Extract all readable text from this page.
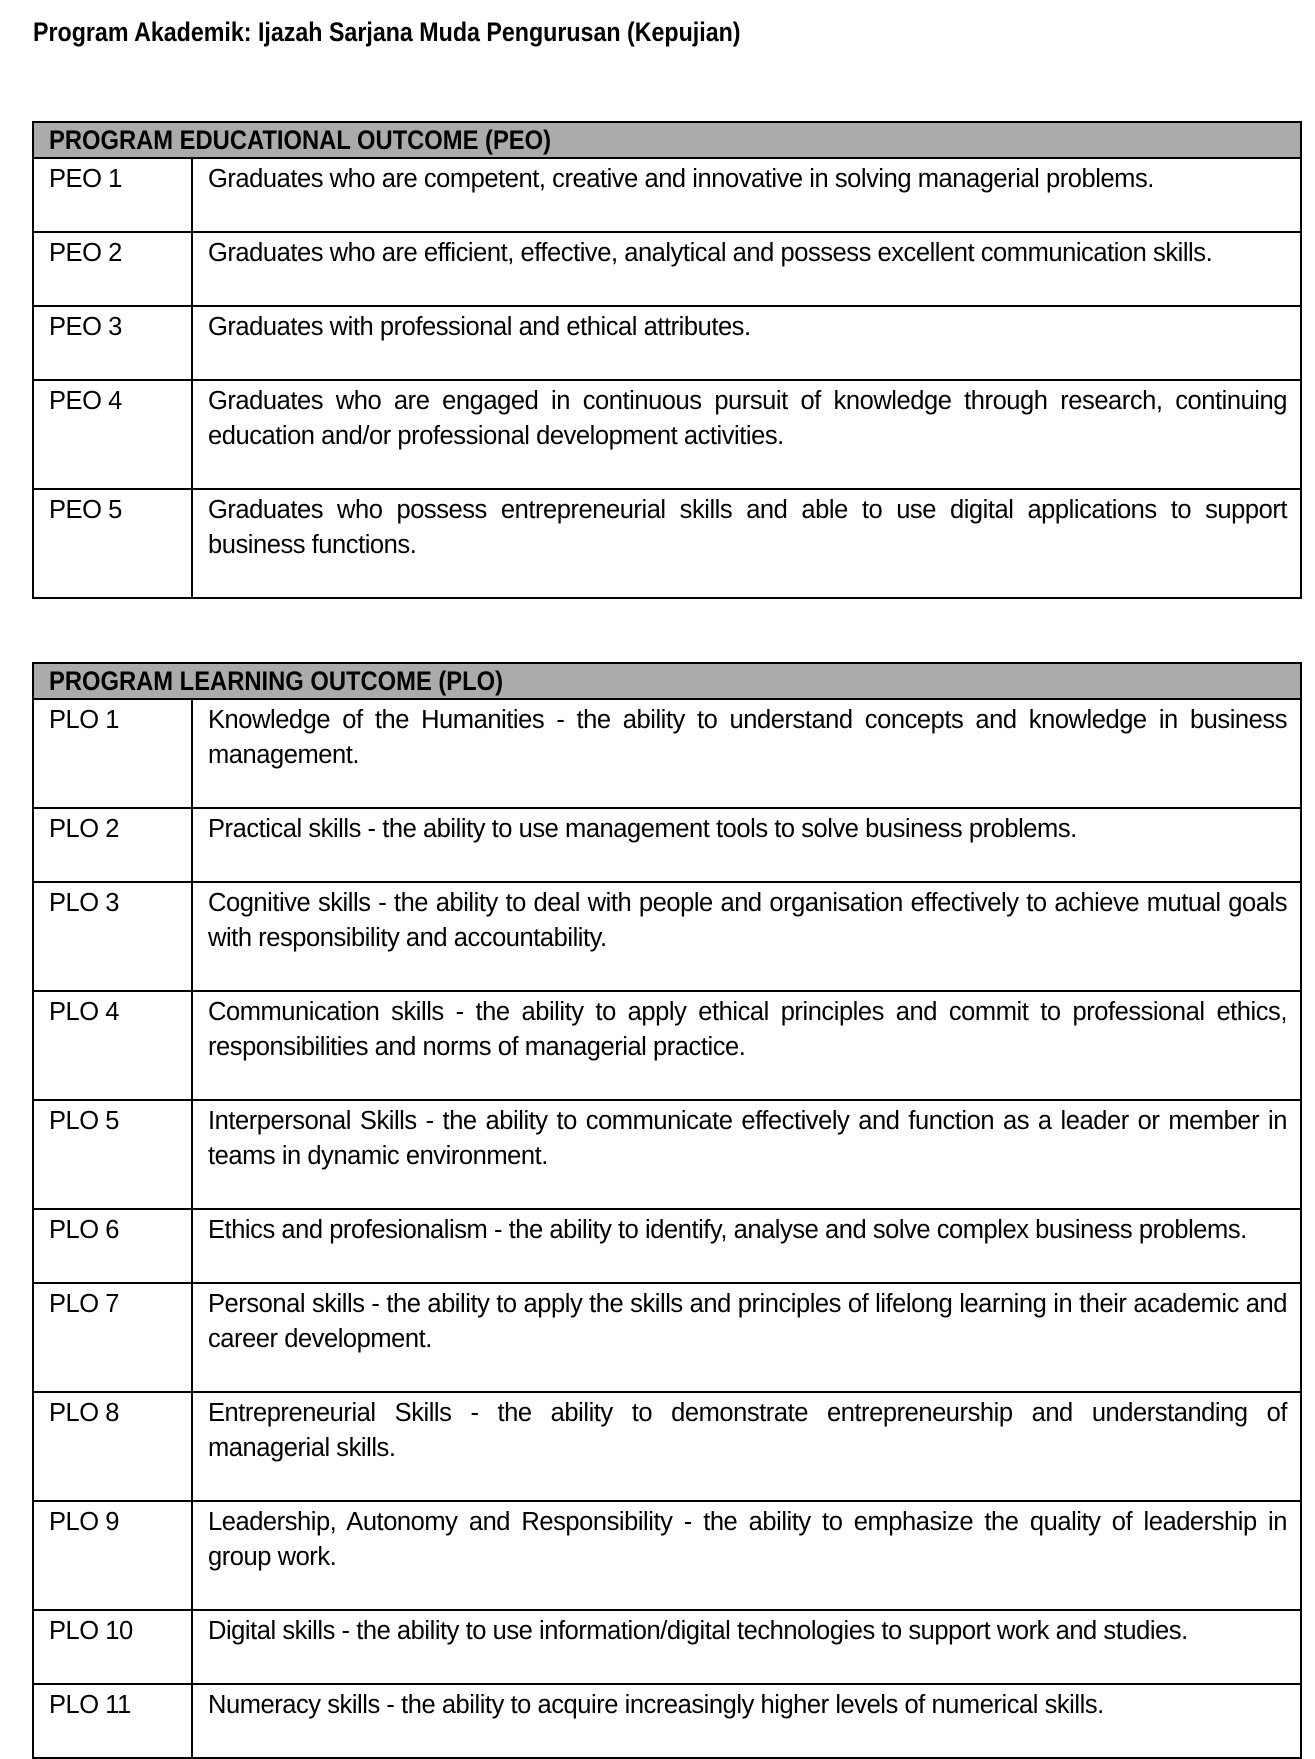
Program Akademik: Ijazah Sarjana Muda Pengurusan (Kepujian)
PROGRAM EDUCATIONAL OUTCOME (PEO)	
PEO 1	Graduates who are competent, creative and innovative in solving managerial problems.
PEO 2	Graduates who are efficient, effective, analytical and possess excellent communication skills.
PEO 3	Graduates with professional and ethical attributes.
PEO 4	Graduates who are engaged in continuous pursuit of knowledge through research, continuing education and/or professional development activities.
PEO 5	Graduates who possess entrepreneurial skills and able to use digital applications to support business functions.
PROGRAM LEARNING OUTCOME (PLO)	
PLO 1	Knowledge of the Humanities - the ability to understand concepts and knowledge in business management.
PLO 2	Practical skills - the ability to use management tools to solve business problems.
PLO 3	Cognitive skills - the ability to deal with people and organisation effectively to achieve mutual goals with responsibility and accountability.
PLO 4	Communication skills - the ability to apply ethical principles and commit to professional ethics, responsibilities and norms of managerial practice.
PLO 5	Interpersonal Skills - the ability to communicate effectively and function as a leader or member in teams in dynamic environment.
PLO 6	Ethics and profesionalism - the ability to identify, analyse and solve complex business problems.
PLO 7	Personal skills - the ability to apply the skills and principles of lifelong learning in their academic and career development.
PLO 8	Entrepreneurial Skills - the ability to demonstrate entrepreneurship and understanding of managerial skills.
PLO 9	Leadership, Autonomy and Responsibility - the ability to emphasize the quality of leadership in group work.
PLO 10	Digital skills - the ability to use information/digital technologies to support work and studies.
PLO 11	Numeracy skills - the ability to acquire increasingly higher levels of numerical skills.
